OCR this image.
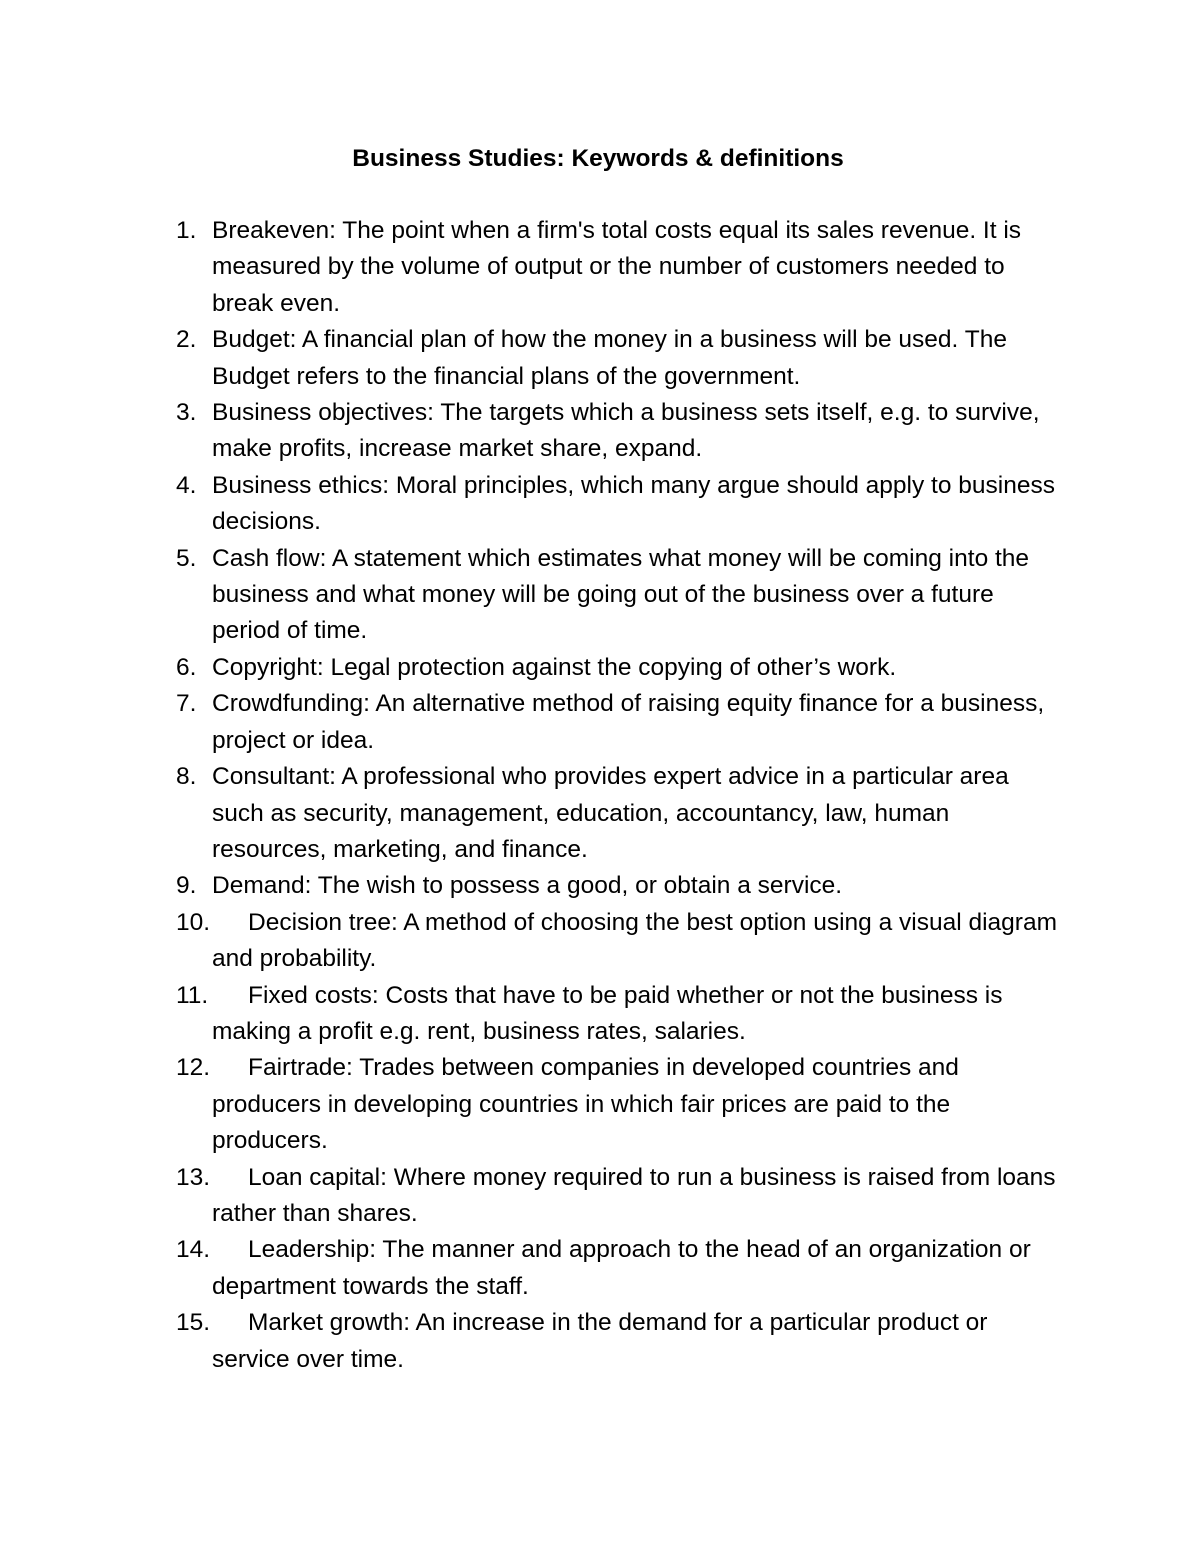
Business Studies: Keywords & definitions
1. Breakeven: The point when a firm's total costs equal its sales revenue. It is measured by the volume of output or the number of customers needed to break even.
2. Budget: A financial plan of how the money in a business will be used. The Budget refers to the financial plans of the government.
3. Business objectives: The targets which a business sets itself, e.g. to survive, make profits, increase market share, expand.
4. Business ethics: Moral principles, which many argue should apply to business decisions.
5. Cash flow: A statement which estimates what money will be coming into the business and what money will be going out of the business over a future period of time.
6. Copyright: Legal protection against the copying of other’s work.
7. Crowdfunding: An alternative method of raising equity finance for a business, project or idea.
8. Consultant: A professional who provides expert advice in a particular area such as security, management, education, accountancy, law, human resources, marketing, and finance.
9. Demand: The wish to possess a good, or obtain a service.
10. Decision tree: A method of choosing the best option using a visual diagram and probability.
11. Fixed costs: Costs that have to be paid whether or not the business is making a profit e.g. rent, business rates, salaries.
12. Fairtrade: Trades between companies in developed countries and producers in developing countries in which fair prices are paid to the producers.
13. Loan capital: Where money required to run a business is raised from loans rather than shares.
14. Leadership: The manner and approach to the head of an organization or department towards the staff.
15. Market growth: An increase in the demand for a particular product or service over time.
